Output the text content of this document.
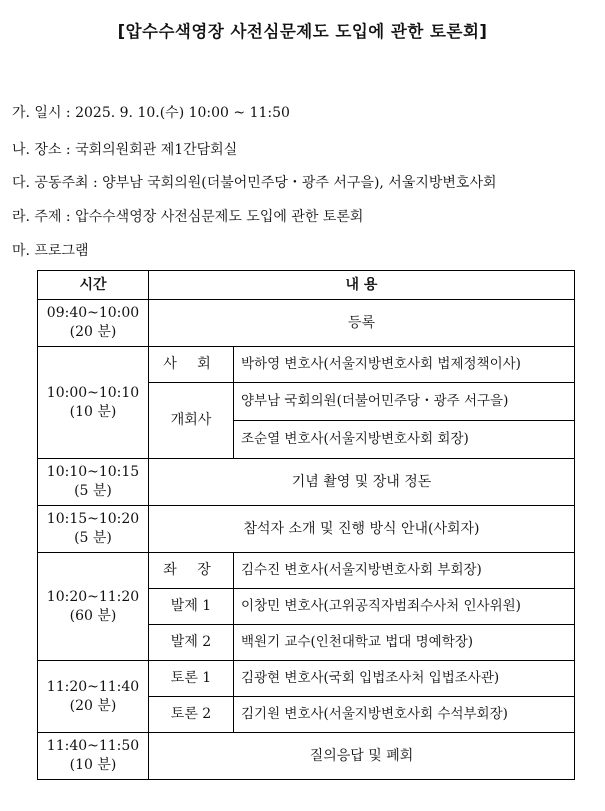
[압수수색영장 사전심문제도 도입에 관한 토론회]
가. 일시 : 2025. 9. 10.(수) 10:00 ~ 11:50
나. 장소 : 국회의원회관 제1간담회실
다. 공동주최 : 양부남 국회의원(더불어민주당・광주 서구을), 서울지방변호사회
라. 주제 : 압수수색영장 사전심문제도 도입에 관한 토론회
마. 프로그램
시간	내 용	

09:40~10:00
(20 분)	등록	

10:00~10:10
(10 분)	사 회	박하영 변호사(서울지방변호사회 법제정책이사)
	개회사	양부남 국회의원(더불어민주당・광주 서구을)
		조순열 변호사(서울지방변호사회 회장)

10:10~10:15
(5 분)	기념 촬영 및 장내 정돈	

10:15~10:20
(5 분)	참석자 소개 및 진행 방식 안내(사회자)	

10:20~11:20
(60 분)	좌 장	김수진 변호사(서울지방변호사회 부회장)
	발제 1	이창민 변호사(고위공직자범죄수사처 인사위원)
	발제 2	백원기 교수(인천대학교 법대 명예학장)

11:20~11:40
(20 분)	토론 1	김광현 변호사(국회 입법조사처 입법조사관)
	토론 2	김기원 변호사(서울지방변호사회 수석부회장)

11:40~11:50
(10 분)	질의응답 및 폐회	
